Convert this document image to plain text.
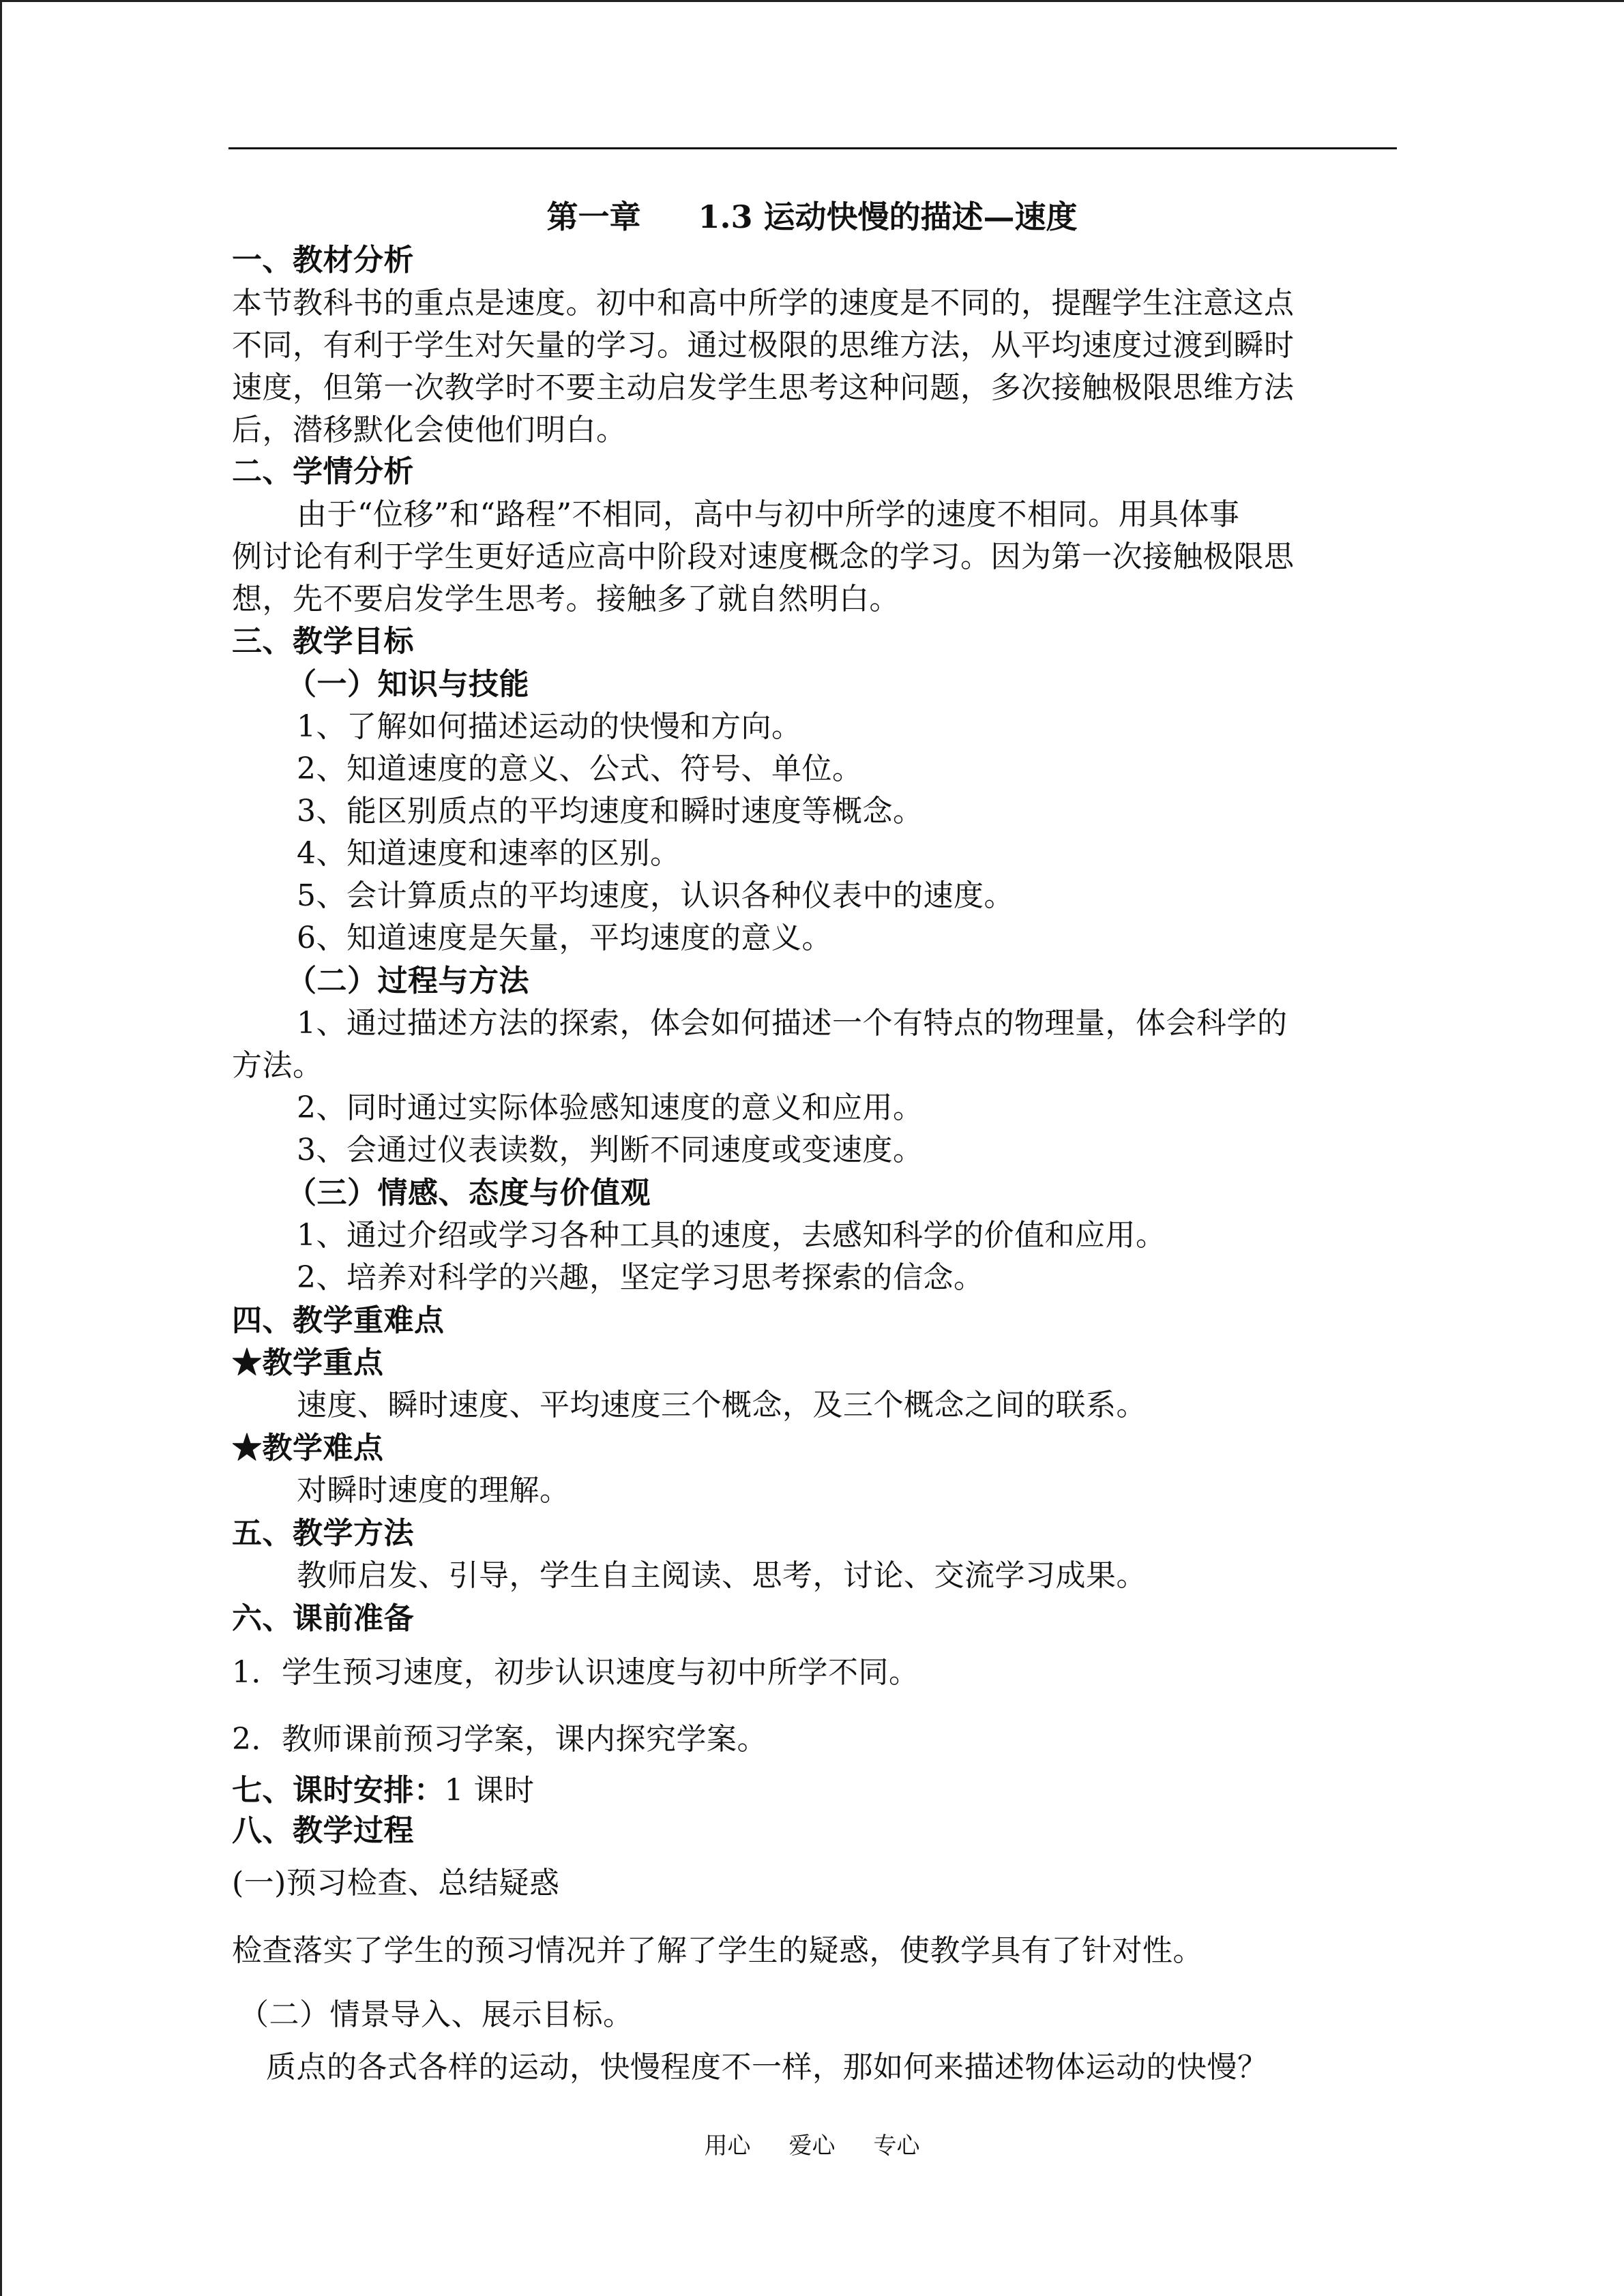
第一章 1.3 运动快慢的描述—速度
一、教材分析
本节教科书的重点是速度。初中和高中所学的速度是不同的，提醒学生注意这点
不同，有利于学生对矢量的学习。通过极限的思维方法，从平均速度过渡到瞬时
速度，但第一次教学时不要主动启发学生思考这种问题，多次接触极限思维方法
后，潜移默化会使他们明白。
二、学情分析
由于“位移”和“路程”不相同，高中与初中所学的速度不相同。用具体事
例讨论有利于学生更好适应高中阶段对速度概念的学习。因为第一次接触极限思
想，先不要启发学生思考。接触多了就自然明白。
三、教学目标
（一）知识与技能
1、了解如何描述运动的快慢和方向。
2、知道速度的意义、公式、符号、单位。
3、能区别质点的平均速度和瞬时速度等概念。
4、知道速度和速率的区别。
5、会计算质点的平均速度，认识各种仪表中的速度。
6、知道速度是矢量，平均速度的意义。
（二）过程与方法
1、通过描述方法的探索，体会如何描述一个有特点的物理量，体会科学的
方法。
2、同时通过实际体验感知速度的意义和应用。
3、会通过仪表读数，判断不同速度或变速度。
（三）情感、态度与价值观
1、通过介绍或学习各种工具的速度，去感知科学的价值和应用。
2、培养对科学的兴趣，坚定学习思考探索的信念。
四、教学重难点
★教学重点
速度、瞬时速度、平均速度三个概念，及三个概念之间的联系。
★教学难点
对瞬时速度的理解。
五、教学方法
教师启发、引导，学生自主阅读、思考，讨论、交流学习成果。
六、课前准备
1．学生预习速度，初步认识速度与初中所学不同。
2．教师课前预习学案，课内探究学案。
七、课时安排：1 课时
八、教学过程
(一)预习检查、总结疑惑
检查落实了学生的预习情况并了解了学生的疑惑，使教学具有了针对性。
（二）情景导入、展示目标。
质点的各式各样的运动，快慢程度不一样，那如何来描述物体运动的快慢？
用心 爱心 专心
